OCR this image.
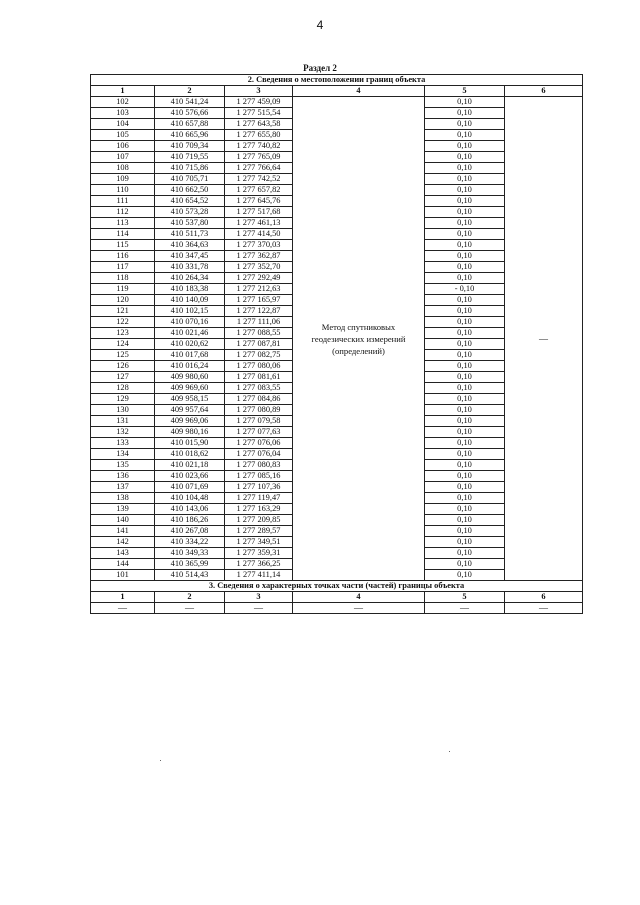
4
Раздел 2
2. Сведения о местоположении границ объекта					
1	2	3	4	5	6
102	410 541,24	1 277 459,09	Метод спутниковых геодезических измерений (определений)	0,10	—
103	410 576,66	1 277 515,54		0,10	
104	410 657,88	1 277 643,58		0,10	
105	410 665,96	1 277 655,80		0,10	
106	410 709,34	1 277 740,82		0,10	
107	410 719,55	1 277 765,09		0,10	
108	410 715,86	1 277 766,64		0,10	
109	410 705,71	1 277 742,52		0,10	
110	410 662,50	1 277 657,82		0,10	
111	410 654,52	1 277 645,76		0,10	
112	410 573,28	1 277 517,68		0,10	
113	410 537,80	1 277 461,13		0,10	
114	410 511,73	1 277 414,50		0,10	
115	410 364,63	1 277 370,03		0,10	
116	410 347,45	1 277 362,87		0,10	
117	410 331,78	1 277 352,70		0,10	
118	410 264,34	1 277 292,49		0,10	
119	410 183,38	1 277 212,63		- 0,10	
120	410 140,09	1 277 165,97		0,10	
121	410 102,15	1 277 122,87		0,10	
122	410 070,16	1 277 111,06		0,10	
123	410 021,46	1 277 088,55		0,10	
124	410 020,62	1 277 087,81		0,10	
125	410 017,68	1 277 082,75		0,10	
126	410 016,24	1 277 080,06		0,10	
127	409 980,60	1 277 081,61		0,10	
128	409 969,60	1 277 083,55		0,10	
129	409 958,15	1 277 084,86		0,10	
130	409 957,64	1 277 080,89		0,10	
131	409 969,06	1 277 079,58		0,10	
132	409 980,16	1 277 077,63		0,10	
133	410 015,90	1 277 076,06		0,10	
134	410 018,62	1 277 076,04		0,10	
135	410 021,18	1 277 080,83		0,10	
136	410 023,66	1 277 085,16		0,10	
137	410 071,69	1 277 107,36		0,10	
138	410 104,48	1 277 119,47		0,10	
139	410 143,06	1 277 163,29		0,10	
140	410 186,26	1 277 209,85		0,10	
141	410 267,08	1 277 289,57		0,10	
142	410 334,22	1 277 349,51		0,10	
143	410 349,33	1 277 359,31		0,10	
144	410 365,99	1 277 366,25		0,10	
101	410 514,43	1 277 411,14		0,10	
3. Сведения о характерных точках части (частей) границы объекта					
1	2	3	4	5	6
—	—	—	—	—	—
